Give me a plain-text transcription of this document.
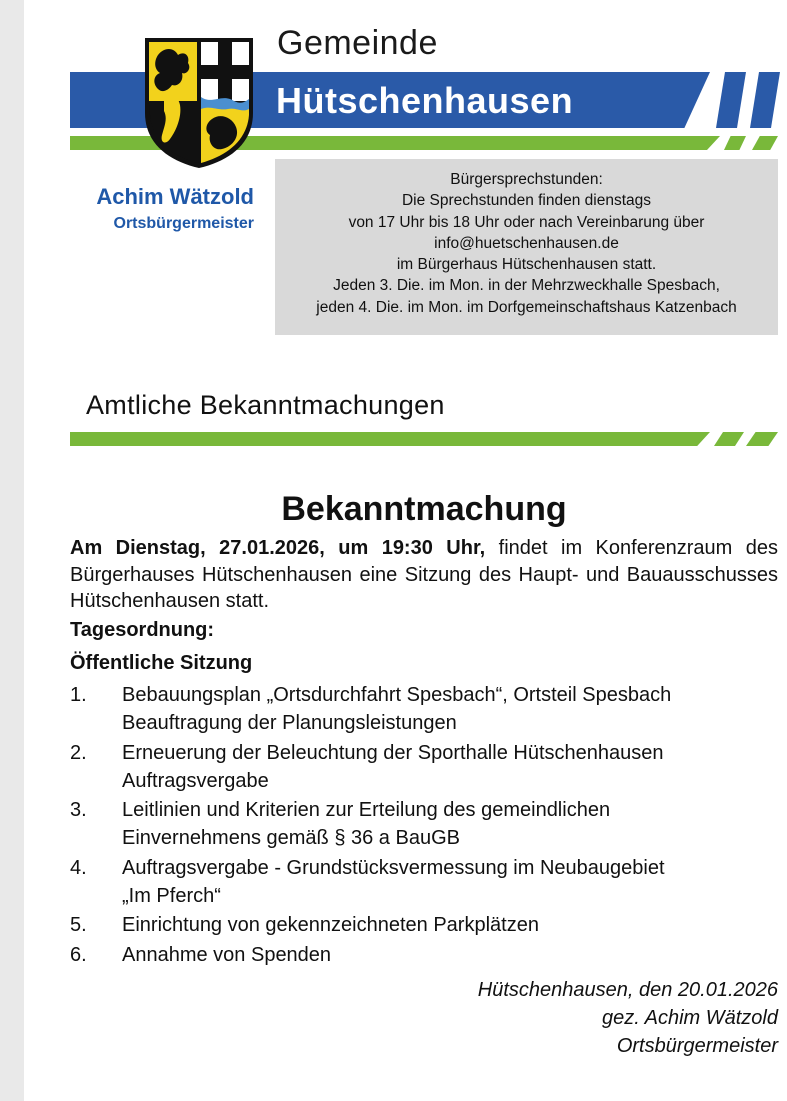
Gemeinde
Hütschenhausen
Achim Wätzold
Ortsbürgermeister
Bürgersprechstunden:
Die Sprechstunden finden dienstags
von 17 Uhr bis 18 Uhr oder nach Vereinbarung über
info@huetschenhausen.de
im Bürgerhaus Hütschenhausen statt.
Jeden 3. Die. im Mon. in der Mehrzweckhalle Spesbach,
jeden 4. Die. im Mon. im Dorfgemeinschaftshaus Katzenbach
Amtliche Bekanntmachungen
Bekanntmachung
Am Dienstag, 27.01.2026, um 19:30 Uhr, findet im Konferenzraum des Bürgerhauses Hütschenhausen eine Sitzung des Haupt- und Bauausschusses Hütschenhausen statt.
Tagesordnung:
Öffentliche Sitzung
1. Bebauungsplan „Ortsdurchfahrt Spesbach“, Ortsteil Spesbach
Beauftragung der Planungsleistungen
2. Erneuerung der Beleuchtung der Sporthalle Hütschenhausen
Auftragsvergabe
3. Leitlinien und Kriterien zur Erteilung des gemeindlichen
Einvernehmens gemäß § 36 a BauGB
4. Auftragsvergabe - Grundstücksvermessung im Neubaugebiet
„Im Pferch“
5. Einrichtung von gekennzeichneten Parkplätzen
6. Annahme von Spenden
Hütschenhausen, den 20.01.2026
gez. Achim Wätzold
Ortsbürgermeister
